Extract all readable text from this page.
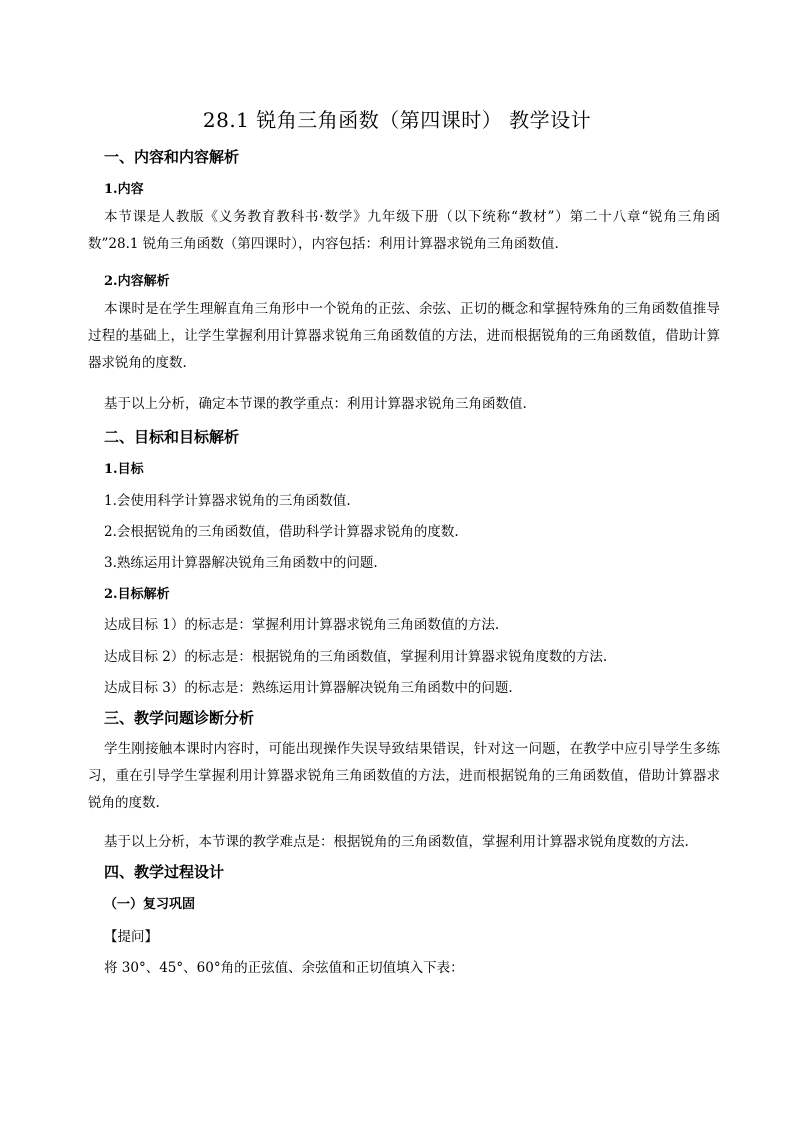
28.1 锐角三角函数（第四课时） 教学设计
一、内容和内容解析
1.内容
本节课是人教版《义务教育教科书·数学》九年级下册（以下统称“教材”）第二十八章“锐角三角函数”28.1 锐角三角函数（第四课时），内容包括：利用计算器求锐角三角函数值.
2.内容解析
本课时是在学生理解直角三角形中一个锐角的正弦、余弦、正切的概念和掌握特殊角的三角函数值推导过程的基础上，让学生掌握利用计算器求锐角三角函数值的方法，进而根据锐角的三角函数值，借助计算器求锐角的度数.
基于以上分析，确定本节课的教学重点：利用计算器求锐角三角函数值.
二、目标和目标解析
1.目标
1.会使用科学计算器求锐角的三角函数值.
2.会根据锐角的三角函数值，借助科学计算器求锐角的度数.
3.熟练运用计算器解决锐角三角函数中的问题.
2.目标解析
达成目标 1）的标志是：掌握利用计算器求锐角三角函数值的方法.
达成目标 2）的标志是：根据锐角的三角函数值，掌握利用计算器求锐角度数的方法.
达成目标 3）的标志是：熟练运用计算器解决锐角三角函数中的问题.
三、教学问题诊断分析
学生刚接触本课时内容时，可能出现操作失误导致结果错误，针对这一问题，在教学中应引导学生多练习，重在引导学生掌握利用计算器求锐角三角函数值的方法，进而根据锐角的三角函数值，借助计算器求锐角的度数.
基于以上分析，本节课的教学难点是：根据锐角的三角函数值，掌握利用计算器求锐角度数的方法.
四、教学过程设计
（一）复习巩固
【提问】
将 30°、45°、60°角的正弦值、余弦值和正切值填入下表：
